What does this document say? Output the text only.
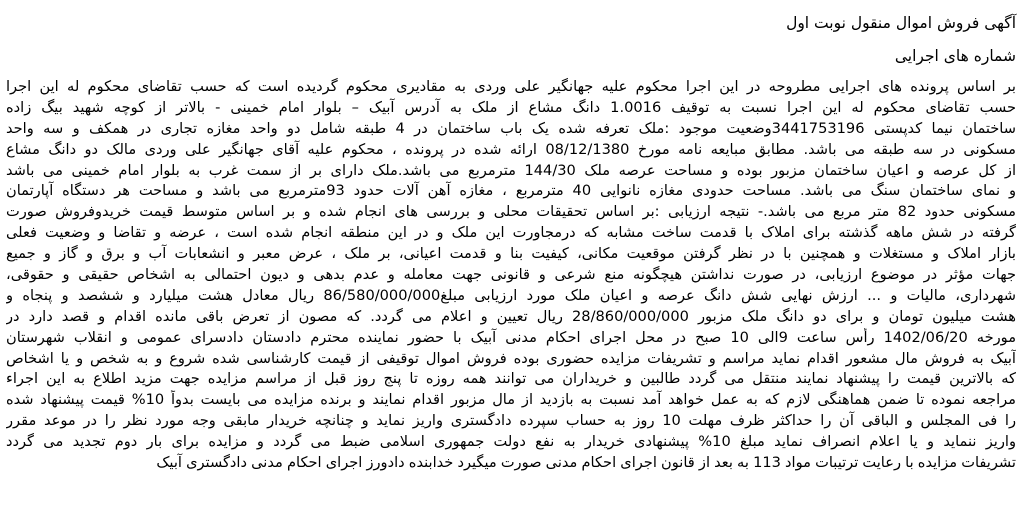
آگهی فروش اموال منقول نوبت اول
شماره های اجرایی
بر اساس پرونده های اجرایی مطروحه در این اجرا محکوم علیه جهانگیر علی وردی به مقادیری محکوم گردیده است که حسب تقاضای محکوم له این اجرا
حسب تقاضای محکوم له این اجرا نسبت به توقیف 1.0016 دانگ مشاع از ملک به آدرس آبیک – بلوار امام خمینی - بالاتر از کوچه شهید بیگ زاده
ساختمان نیما کدپستی 3441753196وضعیت موجود :ملک تعرفه شده یک باب ساختمان در 4 طبقه شامل دو واحد مغازه تجاری در همکف و سه واحد
مسکونی در سه طبقه می باشد. مطابق مبایعه نامه مورخ 08/12/1380 ارائه شده در پرونده ، محکوم علیه آقای جهانگیر علی وردی مالک دو دانگ مشاع
از کل عرصه و اعیان ساختمان مزبور بوده و مساحت عرصه ملک 144/30 مترمربع می باشد.ملک دارای بر از سمت غرب به بلوار امام خمینی می باشد
و نمای ساختمان سنگ می باشد. مساحت حدودی مغازه نانوایی 40 مترمربع ، مغازه آهن آلات حدود 93مترمربع می باشد و مساحت هر دستگاه آپارتمان
مسکونی حدود 82 متر مربع می باشد.- نتیجه ارزیابی :بر اساس تحقیقات محلی و بررسی های انجام شده و بر اساس متوسط قیمت خریدوفروش صورت
گرفته در شش ماهه گذشته برای املاک با قدمت ساخت مشابه که درمجاورت این ملک و در این منطقه انجام شده است ، عرضه و تقاضا و وضعیت فعلی
بازار املاک و مستغلات و همچنین با در نظر گرفتن موقعیت مکانی، کیفیت بنا و قدمت اعیانی، بر ملک ، عرض معبر و انشعابات آب و برق و گاز و جمیع
جهات مؤثر در موضوع ارزیابی، در صورت نداشتن هیچگونه منع شرعی و قانونی جهت معامله و عدم بدهی و دیون احتمالی به اشخاص حقیقی و حقوقی،
شهرداری، مالیات و ... ارزش نهایی شش دانگ عرصه و اعیان ملک مورد ارزیابی مبلغ86/580/000/000 ریال معادل هشت میلیارد و ششصد و پنجاه و
هشت میلیون تومان و برای دو دانگ ملک مزبور 28/860/000/000 ریال تعیین و اعلام می گردد. که مصون از تعرض باقی مانده اقدام و قصد دارد در
مورخه 1402/06/20 رأس ساعت 9الی 10 صبح در محل اجرای احکام مدنی آبیک با حضور نماینده محترم دادستان دادسرای عمومی و انقلاب شهرستان
آبیک به فروش مال مشعور اقدام نماید مراسم و تشریفات مزایده حضوری بوده فروش اموال توقیفی از قیمت کارشناسی شده شروع و به شخص و یا اشخاص
که بالاترین قیمت را پیشنهاد نمایند منتقل می گردد طالبین و خریداران می توانند همه روزه تا پنج روز قبل از مراسم مزایده جهت مزید اطلاع به این اجراء
مراجعه نموده تا ضمن هماهنگی لازم که به عمل خواهد آمد نسبت به بازدید از مال مزبور اقدام نمایند و برنده مزایده می بایست بدواً 10% قیمت پیشنهاد شده
را فی المجلس و الباقی آن را حداکثر ظرف مهلت 10 روز به حساب سپرده دادگستری واریز نماید و چنانچه خریدار مابقی وجه مورد نظر را در موعد مقرر
واریز ننماید و یا اعلام انصراف نماید مبلغ 10% پیشنهادی خریدار به نفع دولت جمهوری اسلامی ضبط می گردد و مزایده برای بار دوم تجدید می گردد
تشریفات مزایده با رعایت ترتیبات مواد 113 به بعد از قانون اجرای احکام مدنی صورت میگیرد خدابنده دادورز اجرای احکام مدنی دادگستری آبیک
